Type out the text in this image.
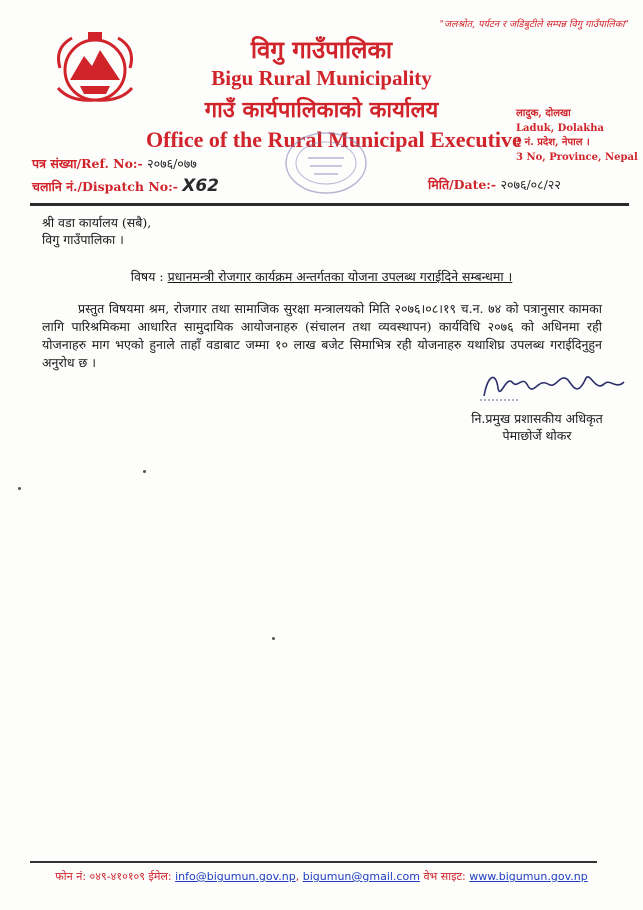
"जलश्रोत, पर्यटन र जडिबुटीले सम्पन्न विगु गाउँपालिका"
विगु गाउँपालिका
Bigu Rural Municipality
गाउँ कार्यपालिकाको कार्यालय
Office of the Rural Municipal Executive
लादुक, दोलखा
Laduk, Dolakha
३ नं. प्रदेश, नेपाल ।
3 No, Province, Nepal
पत्र संख्या/Ref. No:- २०७६/०७७
चलानि नं./Dispatch No:- X62	मिति/Date:- २०७६/०८/२२
श्री वडा कार्यालय (सबै),
विगु गाउँपालिका ।
विषय : प्रधानमन्त्री रोजगार कार्यक्रम अन्तर्गतका योजना उपलब्ध गराईदिने सम्बन्धमा ।
प्रस्तुत विषयमा श्रम, रोजगार तथा सामाजिक सुरक्षा मन्त्रालयको मिति २०७६।०८।१९ च.न. ७४ को पत्रानुसार कामका लागि पारिश्रमिकमा आधारित सामुदायिक आयोजनाहरु (संचालन तथा व्यवस्थापन) कार्यविधि २०७६ को अधिनमा रही योजनाहरु माग भएको हुनाले ताहाँ वडाबाट जम्मा १० लाख बजेट सिमाभित्र रही योजनाहरु यथाशिघ्र उपलब्ध गराईदिनुहुन अनुरोध छ ।
नि.प्रमुख प्रशासकीय अधिकृत
पेमाछोर्जे थोकर
फोन नं: ०४९-४१०१०९ ईमेल: info@bigumun.gov.np, bigumun@gmail.com वेभ साइट: www.bigumun.gov.np
